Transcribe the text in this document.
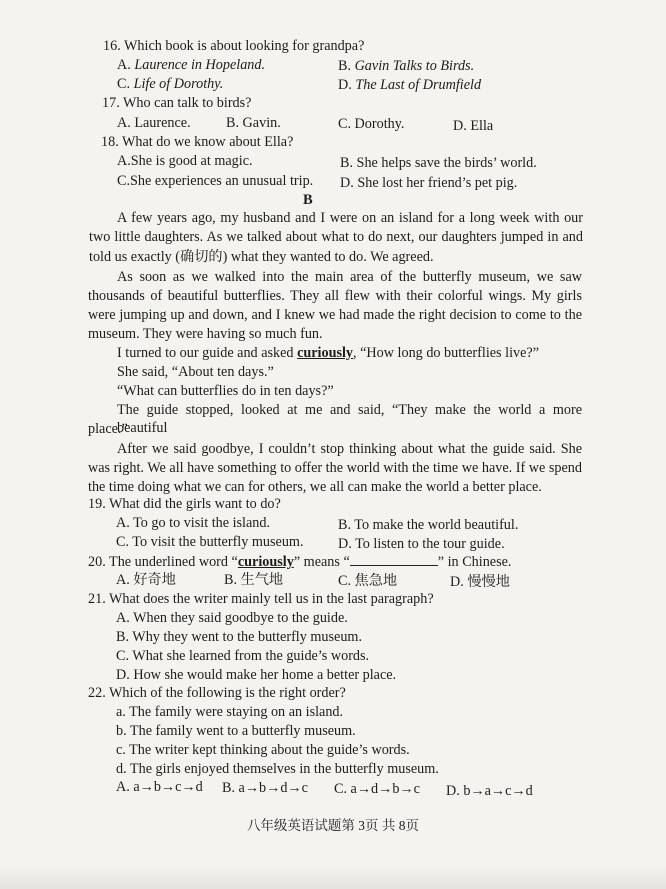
16. Which book is about looking for grandpa?
A. Laurence in Hopeland.	B. Gavin Talks to Birds.
C. Life of Dorothy.	D. The Last of Drumfield
17. Who can talk to birds?
A. Laurence. B. Gavin.	C. Dorothy.	D. Ella
18. What do we know about Ella?
A.She is good at magic.	B. She helps save the birds’ world.
C.She experiences an unusual trip. D. She lost her friend’s pet pig.
B
A few years ago, my husband and I were on an island for a long week with our
two little daughters. As we talked about what to do next, our daughters jumped in and
told us exactly (确切的) what they wanted to do. We agreed.
As soon as we walked into the main area of the butterfly museum, we saw
thousands of beautiful butterflies. They all flew with their colorful wings. My girls
were jumping up and down, and I knew we had made the right decision to come to the
museum. They were having so much fun.
I turned to our guide and asked curiously, “How long do butterflies live?”
She said, “About ten days.”
“What can butterflies do in ten days?”
The guide stopped, looked at me and said, “They make the world a more beautiful
place.”
After we said goodbye, I couldn’t stop thinking about what the guide said. She
was right. We all have something to offer the world with the time we have. If we spend
the time doing what we can for others, we all can make the world a better place.
19. What did the girls want to do?
A. To go to visit the island.	B. To make the world beautiful.
C. To visit the butterfly museum. D. To listen to the tour guide.
20. The underlined word “curiously” means “	” in Chinese.
A. 好奇地	B. 生气地	C. 焦急地	D. 慢慢地
21. What does the writer mainly tell us in the last paragraph?
A. When they said goodbye to the guide.
B. Why they went to the butterfly museum.
C. What she learned from the guide’s words.
D. How she would make her home a better place.
22. Which of the following is the right order?
a. The family were staying on an island.
b. The family went to a butterfly museum.
c. The writer kept thinking about the guide’s words.
d. The girls enjoyed themselves in the butterfly museum.
A. a→b→c→d B. a→b→d→c C. a→d→b→c D. b→a→c→d
八年级英语试题第 3页 共 8页
